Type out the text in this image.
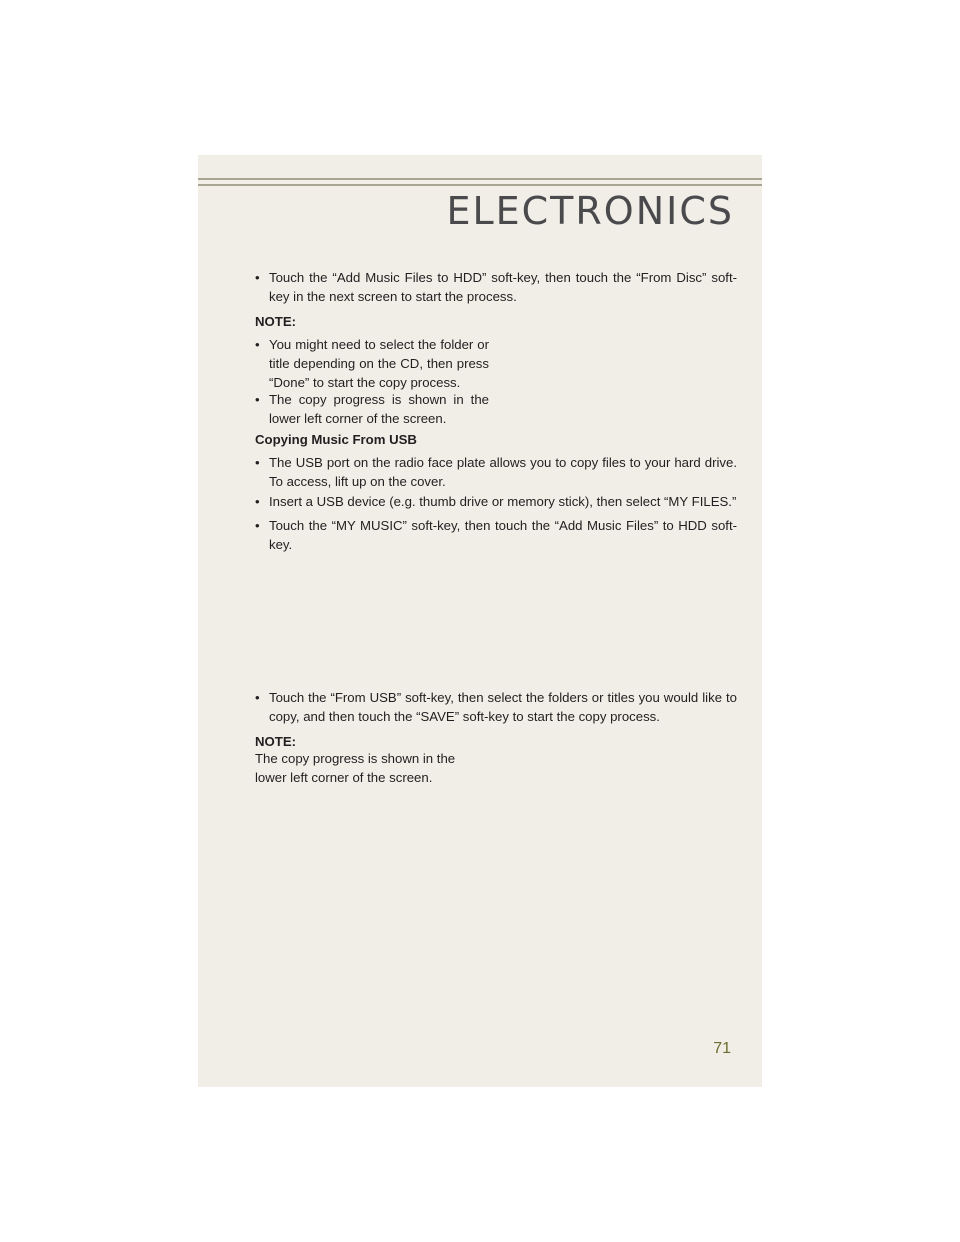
ELECTRONICS
• Touch the “Add Music Files to HDD” soft-key, then touch the “From Disc” soft-key in the next screen to start the process.
NOTE:
• You might need to select the folder or title depending on the CD, then press “Done” to start the copy process.
• The copy progress is shown in the lower left corner of the screen.
Copying Music From USB
• The USB port on the radio face plate allows you to copy files to your hard drive. To access, lift up on the cover.
• Insert a USB device (e.g. thumb drive or memory stick), then select “MY FILES.”
• Touch the “MY MUSIC” soft-key, then touch the “Add Music Files” to HDD soft-key.
• Touch the “From USB” soft-key, then select the folders or titles you would like to copy, and then touch the “SAVE” soft-key to start the copy process.
NOTE:
The copy progress is shown in the lower left corner of the screen.
71
